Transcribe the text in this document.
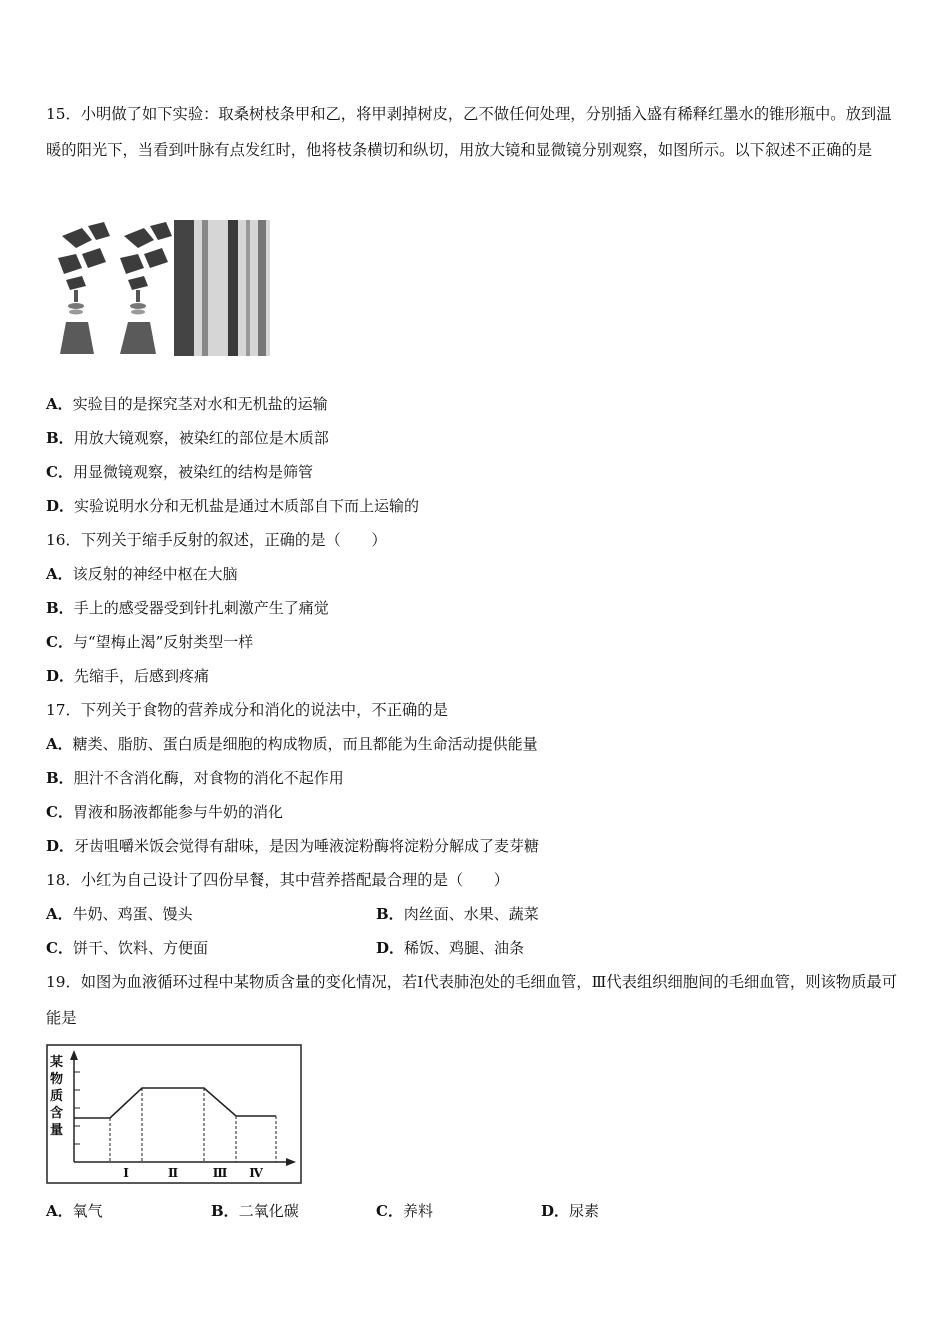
15．小明做了如下实验：取桑树枝条甲和乙，将甲剥掉树皮，乙不做任何处理，分别插入盛有稀释红墨水的锥形瓶中。放到温暖的阳光下，当看到叶脉有点发红时，他将枝条横切和纵切，用放大镜和显微镜分别观察，如图所示。以下叙述不正确的是
A．实验目的是探究茎对水和无机盐的运输
B．用放大镜观察，被染红的部位是木质部
C．用显微镜观察，被染红的结构是筛管
D．实验说明水分和无机盐是通过木质部自下而上运输的
16．下列关于缩手反射的叙述，正确的是（　　）
A．该反射的神经中枢在大脑
B．手上的感受器受到针扎刺激产生了痛觉
C．与“望梅止渴”反射类型一样
D．先缩手，后感到疼痛
17．下列关于食物的营养成分和消化的说法中，不正确的是
A．糖类、脂肪、蛋白质是细胞的构成物质，而且都能为生命活动提供能量
B．胆汁不含消化酶，对食物的消化不起作用
C．胃液和肠液都能参与牛奶的消化
D．牙齿咀嚼米饭会觉得有甜味，是因为唾液淀粉酶将淀粉分解成了麦芽糖
18．小红为自己设计了四份早餐，其中营养搭配最合理的是（　　）
A．牛奶、鸡蛋、馒头	B．肉丝面、水果、蔬菜
C．饼干、饮料、方便面	D．稀饭、鸡腿、油条
19．如图为血液循环过程中某物质含量的变化情况，若Ⅰ代表肺泡处的毛细血管，Ⅲ代表组织细胞间的毛细血管，则该物质最可能是
某
物
质
含
量
Ⅰ	Ⅱ	Ⅲ Ⅳ
A．氧气	B．二氧化碳	C．养料	D．尿素
